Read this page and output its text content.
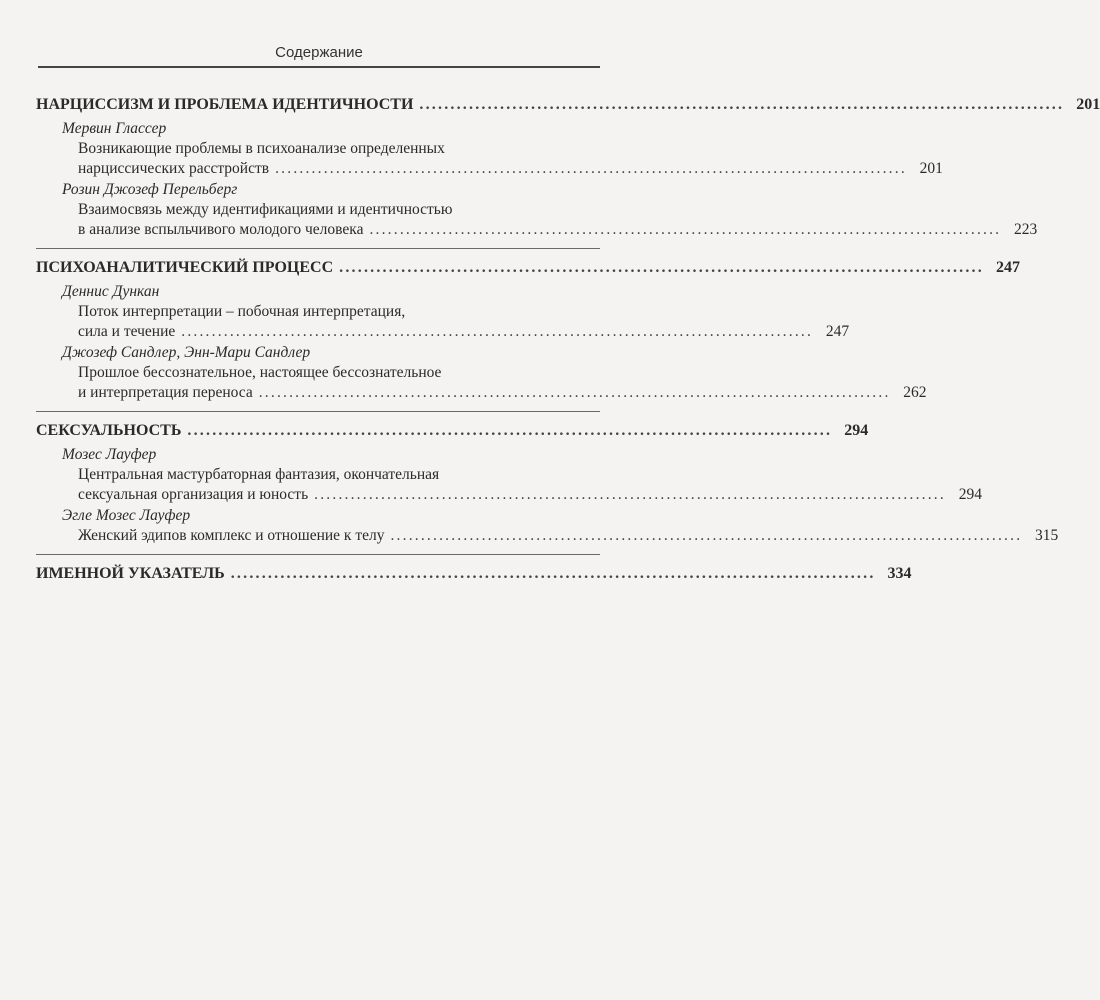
Содержание
НАРЦИССИЗМ И ПРОБЛЕМА ИДЕНТИЧНОСТИ ........................................................................................................ 201
Мервин Глассер
Возникающие проблемы в психоанализе определенных
нарциссических расстройств ........................................................................................................ 201
Розин Джозеф Перельберг
Взаимосвязь между идентификациями и идентичностью
в анализе вспыльчивого молодого человека ........................................................................................................ 223
ПСИХОАНАЛИТИЧЕСКИЙ ПРОЦЕСС ........................................................................................................ 247
Деннис Дункан
Поток интерпретации – побочная интерпретация,
сила и течение ........................................................................................................ 247
Джозеф Сандлер, Энн-Мари Сандлер
Прошлое бессознательное, настоящее бессознательное
и интерпретация переноса ........................................................................................................ 262
СЕКСУАЛЬНОСТЬ ........................................................................................................ 294
Мозес Лауфер
Центральная мастурбаторная фантазия, окончательная
сексуальная организация и юность ........................................................................................................ 294
Эгле Мозес Лауфер
Женский эдипов комплекс и отношение к телу ........................................................................................................ 315
ИМЕННОЙ УКАЗАТЕЛЬ ........................................................................................................ 334
